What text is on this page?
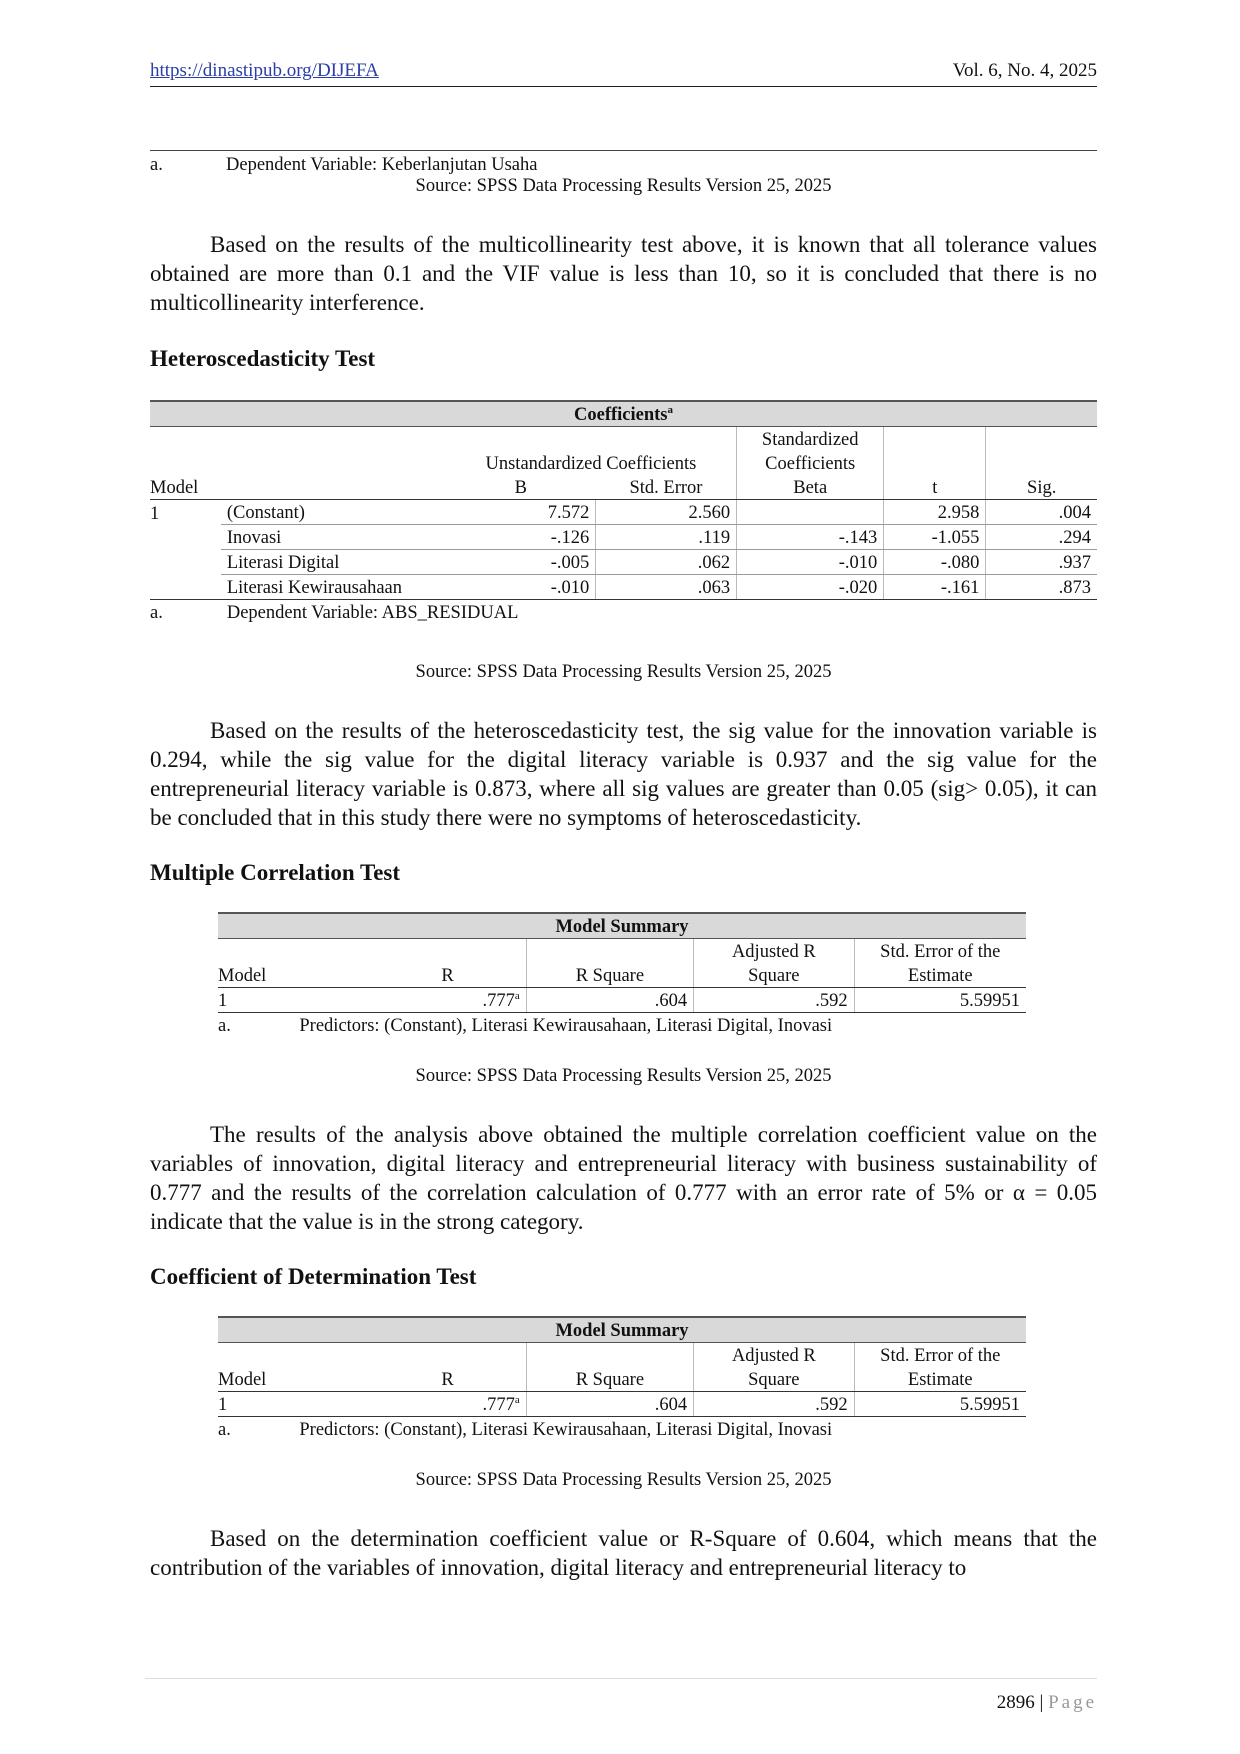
https://dinastipub.org/DIJEFA	Vol. 6, No. 4, 2025
a.	Dependent Variable: Keberlanjutan Usaha
Source: SPSS Data Processing Results Version 25, 2025
Based on the results of the multicollinearity test above, it is known that all tolerance values obtained are more than 0.1 and the VIF value is less than 10, so it is concluded that there is no multicollinearity interference.
Heteroscedasticity Test
Coefficients$^a$
				Standardized		
		Unstandardized Coefficients		Coefficients		
Model		B	Std. Error	Beta	t	Sig.
1	(Constant)	7.572	2.560		2.958	.004
	Inovasi	-.126	.119	-.143	-1.055	.294
	Literasi Digital	-.005	.062	-.010	-.080	.937
	Literasi Kewirausahaan	-.010	.063	-.020	-.161	.873
a.	Dependent Variable: ABS_RESIDUAL					
Source: SPSS Data Processing Results Version 25, 2025
Based on the results of the heteroscedasticity test, the sig value for the innovation variable is 0.294, while the sig value for the digital literacy variable is 0.937 and the sig value for the entrepreneurial literacy variable is 0.873, where all sig values are greater than 0.05 (sig> 0.05), it can be concluded that in this study there were no symptoms of heteroscedasticity.
Multiple Correlation Test
Model Summary
			Adjusted R	Std. Error of the
Model	R	R Square	Square	Estimate
1	.777$^a$	.604	.592	5.59951
a.	Predictors: (Constant), Literasi Kewirausahaan, Literasi Digital, Inovasi
Source: SPSS Data Processing Results Version 25, 2025
The results of the analysis above obtained the multiple correlation coefficient value on the variables of innovation, digital literacy and entrepreneurial literacy with business sustainability of 0.777 and the results of the correlation calculation of 0.777 with an error rate of 5% or α = 0.05 indicate that the value is in the strong category.
Coefficient of Determination Test
Model Summary
			Adjusted R	Std. Error of the
Model	R	R Square	Square	Estimate
1	.777$^a$	.604	.592	5.59951
a.	Predictors: (Constant), Literasi Kewirausahaan, Literasi Digital, Inovasi
Source: SPSS Data Processing Results Version 25, 2025
Based on the determination coefficient value or R-Square of 0.604, which means that the contribution of the variables of innovation, digital literacy and entrepreneurial literacy to
2896 | Page
